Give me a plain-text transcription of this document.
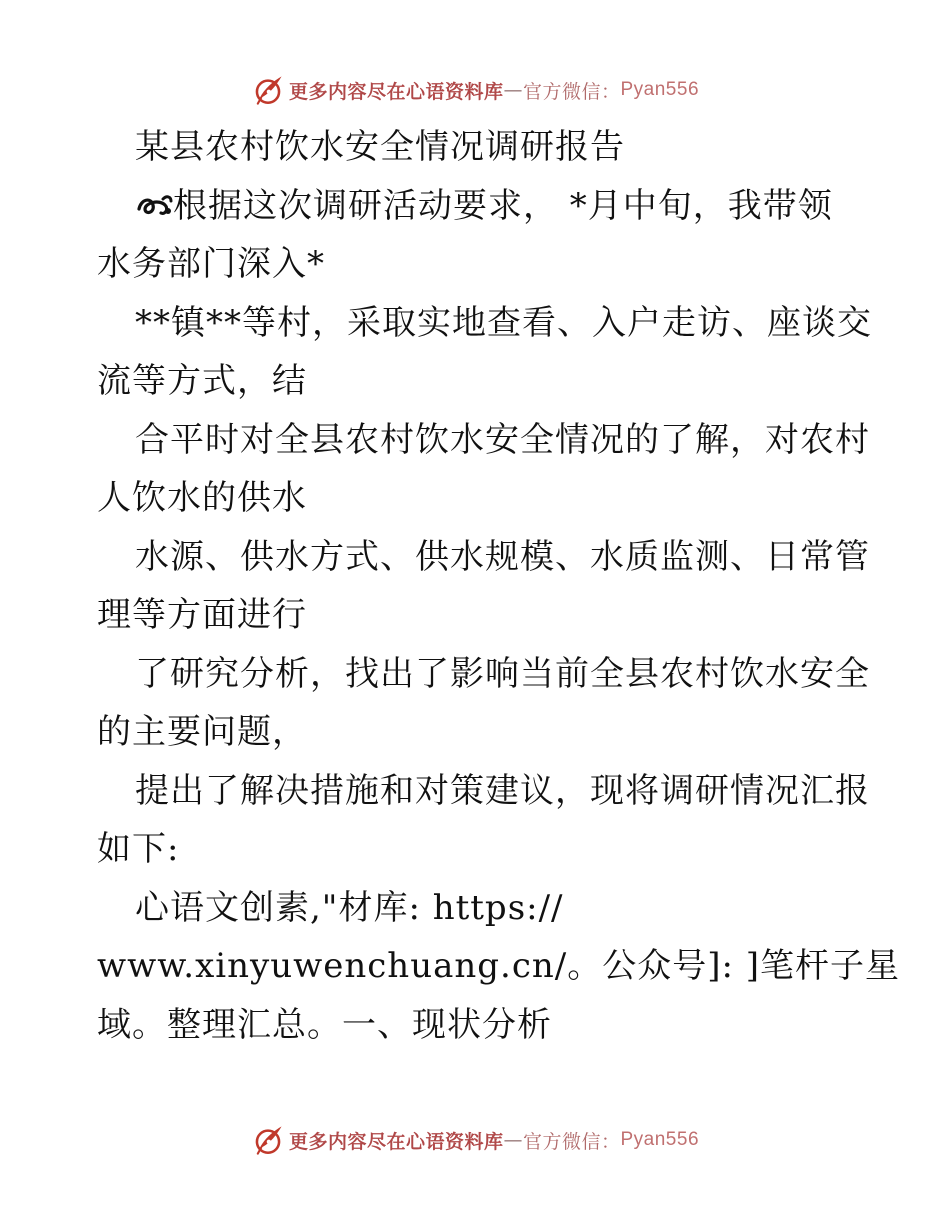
更多内容尽在心语资料库 — 官方微信： Pyan556
某县农村饮水安全情况调研报告
根据这次调研活动要求， *月中旬，我带领
水务部门深入*
**镇**等村，采取实地查看、入户走访、座谈交
流等方式，结
合平时对全县农村饮水安全情况的了解，对农村
人饮水的供水
水源、供水方式、供水规模、水质监测、日常管
理等方面进行
了研究分析，找出了影响当前全县农村饮水安全
的主要问题，
提出了解决措施和对策建议，现将调研情况汇报
如下:
心语文创素,"材库: https://
www.xinyuwenchuang.cn/。公众号]: ]笔杆子星
域。整理汇总。一、现状分析
更多内容尽在心语资料库 — 官方微信： Pyan556
